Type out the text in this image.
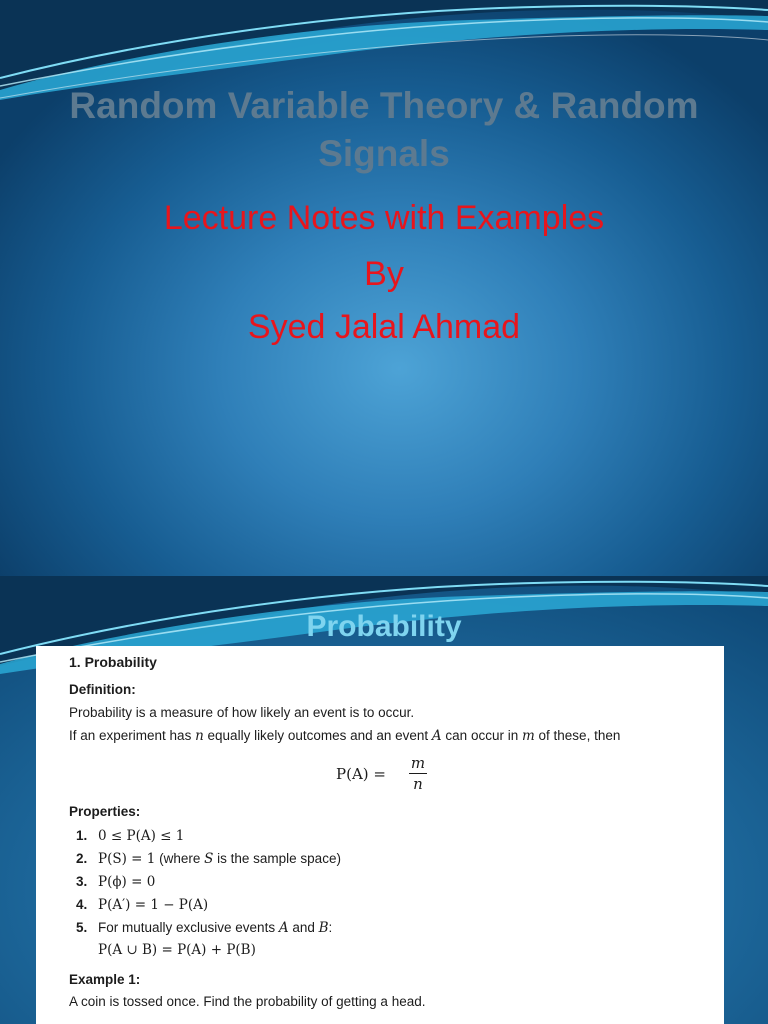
Random Variable Theory & Random Signals
Lecture Notes with Examples
By
Syed Jalal Ahmad
Probability
1. Probability
Definition:
Probability is a measure of how likely an event is to occur.
If an experiment has n equally likely outcomes and an event A can occur in m of these, then
P(A) =
m
n
Properties:
1. 0 ≤ P(A) ≤ 1
2. P(S) = 1 (where S is the sample space)
3. P(ϕ) = 0
4. P(A′) = 1 − P(A)
5. For mutually exclusive events A and B:
P(A ∪ B) = P(A) + P(B)
Example 1:
A coin is tossed once. Find the probability of getting a head.
